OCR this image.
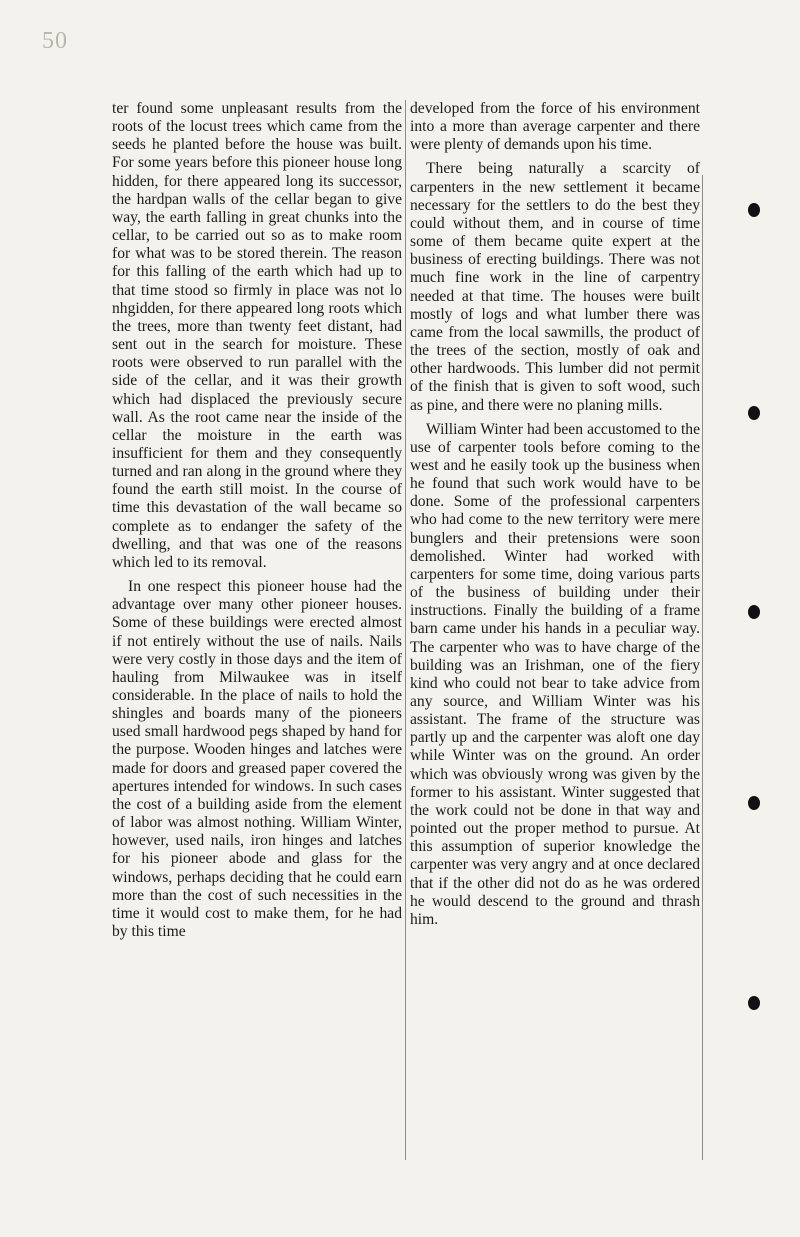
50

ter found some unpleasant results from the roots of the locust trees which came from the seeds he planted before the house was built. For some years before this pioneer house long hidden, for there appeared long its successor, the hardpan walls of the cellar began to give way, the earth falling in great chunks into the cellar, to be carried out so as to make room for what was to be stored therein. The reason for this falling of the earth which had up to that time stood so firmly in place was not lo nhgidden, for there appeared long roots which the trees, more than twenty feet distant, had sent out in the search for moisture. These roots were observed to run parallel with the side of the cellar, and it was their growth which had displaced the previously secure wall. As the root came near the inside of the cellar the moisture in the earth was insufficient for them and they consequently turned and ran along in the ground where they found the earth still moist. In the course of time this devastation of the wall became so complete as to endanger the safety of the dwelling, and that was one of the reasons which led to its removal.

In one respect this pioneer house had the advantage over many other pioneer houses. Some of these buildings were erected almost if not entirely without the use of nails. Nails were very costly in those days and the item of hauling from Milwaukee was in itself considerable. In the place of nails to hold the shingles and boards many of the pioneers used small hardwood pegs shaped by hand for the purpose. Wooden hinges and latches were made for doors and greased paper covered the apertures intended for windows. In such cases the cost of a building aside from the element of labor was almost nothing. William Winter, however, used nails, iron hinges and latches for his pioneer abode and glass for the windows, perhaps deciding that he could earn more than the cost of such necessities in the time it would cost to make them, for he had by this time

developed from the force of his environment into a more than average carpenter and there were plenty of demands upon his time.

There being naturally a scarcity of carpenters in the new settlement it became necessary for the settlers to do the best they could without them, and in course of time some of them became quite expert at the business of erecting buildings. There was not much fine work in the line of carpentry needed at that time. The houses were built mostly of logs and what lumber there was came from the local sawmills, the product of the trees of the section, mostly of oak and other hardwoods. This lumber did not permit of the finish that is given to soft wood, such as pine, and there were no planing mills.

William Winter had been accustomed to the use of carpenter tools before coming to the west and he easily took up the business when he found that such work would have to be done. Some of the professional carpenters who had come to the new territory were mere bunglers and their pretensions were soon demolished. Winter had worked with carpenters for some time, doing various parts of the business of building under their instructions. Finally the building of a frame barn came under his hands in a peculiar way. The carpenter who was to have charge of the building was an Irishman, one of the fiery kind who could not bear to take advice from any source, and William Winter was his assistant. The frame of the structure was partly up and the carpenter was aloft one day while Winter was on the ground. An order which was obviously wrong was given by the former to his assistant. Winter suggested that the work could not be done in that way and pointed out the proper method to pursue. At this assumption of superior knowledge the carpenter was very angry and at once declared that if the other did not do as he was ordered he would descend to the ground and thrash him.
